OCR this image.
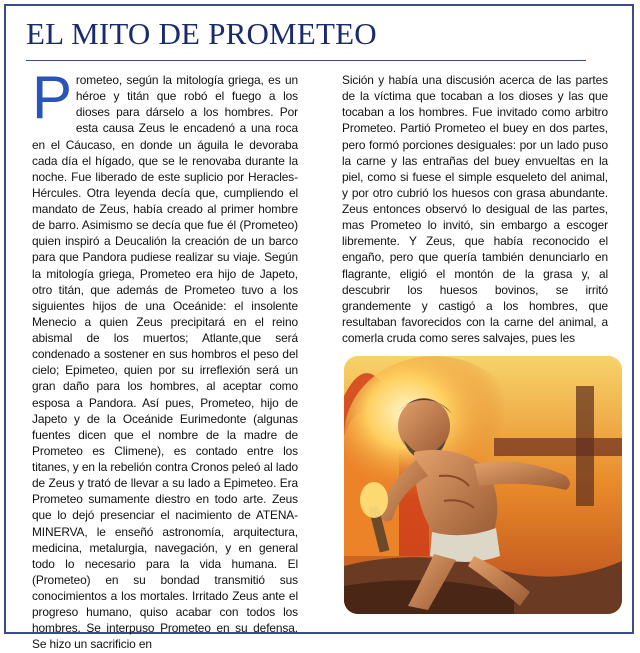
EL MITO DE PROMETEO

Prometeo, según la mitología griega, es un héroe y titán que robó el fuego a los dioses para dárselo a los hombres. Por esta causa Zeus le encadenó a una roca en el Cáucaso, en donde un águila le devoraba cada día el hígado, que se le renovaba durante la noche. Fue liberado de este suplicio por Heracles-Hércules. Otra leyenda decía que, cumpliendo el mandato de Zeus, había creado al primer hombre de barro. Asimismo se decía que fue él (Prometeo) quien inspiró a Deucalión la creación de un barco para que Pandora pudiese realizar su viaje. Según la mitología griega, Prometeo era hijo de Japeto, otro titán, que además de Prometeo tuvo a los siguientes hijos de una Oceánide: el insolente Menecio a quien Zeus precipitará en el reino abismal de los muertos; Atlante,que será condenado a sostener en sus hombros el peso del cielo; Epimeteo, quien por su irreflexión será un gran daño para los hombres, al aceptar como esposa a Pandora. Así pues, Prometeo, hijo de Japeto y de la Oceánide Eurimedonte (algunas fuentes dicen que el nombre de la madre de Prometeo es Climene), es contado entre los titanes, y en la rebelión contra Cronos peleó al lado de Zeus y trató de llevar a su lado a Epimeteo. Era Prometeo sumamente diestro en todo arte. Zeus que lo dejó presenciar el nacimiento de ATENA-MINERVA, le enseñó astronomía, arquitectura, medicina, metalurgia, navegación, y en general todo lo necesario para la vida humana. El (Prometeo) en su bondad transmitió sus conocimientos a los mortales. Irritado Zeus ante el progreso humano, quiso acabar con todos los hombres. Se interpuso Prometeo en su defensa. Se hizo un sacrificio en

Sición y había una discusión acerca de las partes de la víctima que tocaban a los dioses y las que tocaban a los hombres. Fue invitado como arbitro Prometeo. Partió Prometeo el buey en dos partes, pero formó porciones desiguales: por un lado puso la carne y las entrañas del buey envueltas en la piel, como si fuese el simple esqueleto del animal, y por otro cubrió los huesos con grasa abundante. Zeus entonces observó lo desigual de las partes, mas Prometeo lo invitó, sin embargo a escoger libremente. Y Zeus, que había reconocido el engaño, pero que quería también denunciarlo en flagrante, eligió el montón de la grasa y, al descubrir los huesos bovinos, se irritó grandemente y castigó a los hombres, que resultaban favorecidos con la carne del animal, a comerla cruda como seres salvajes, pues les
